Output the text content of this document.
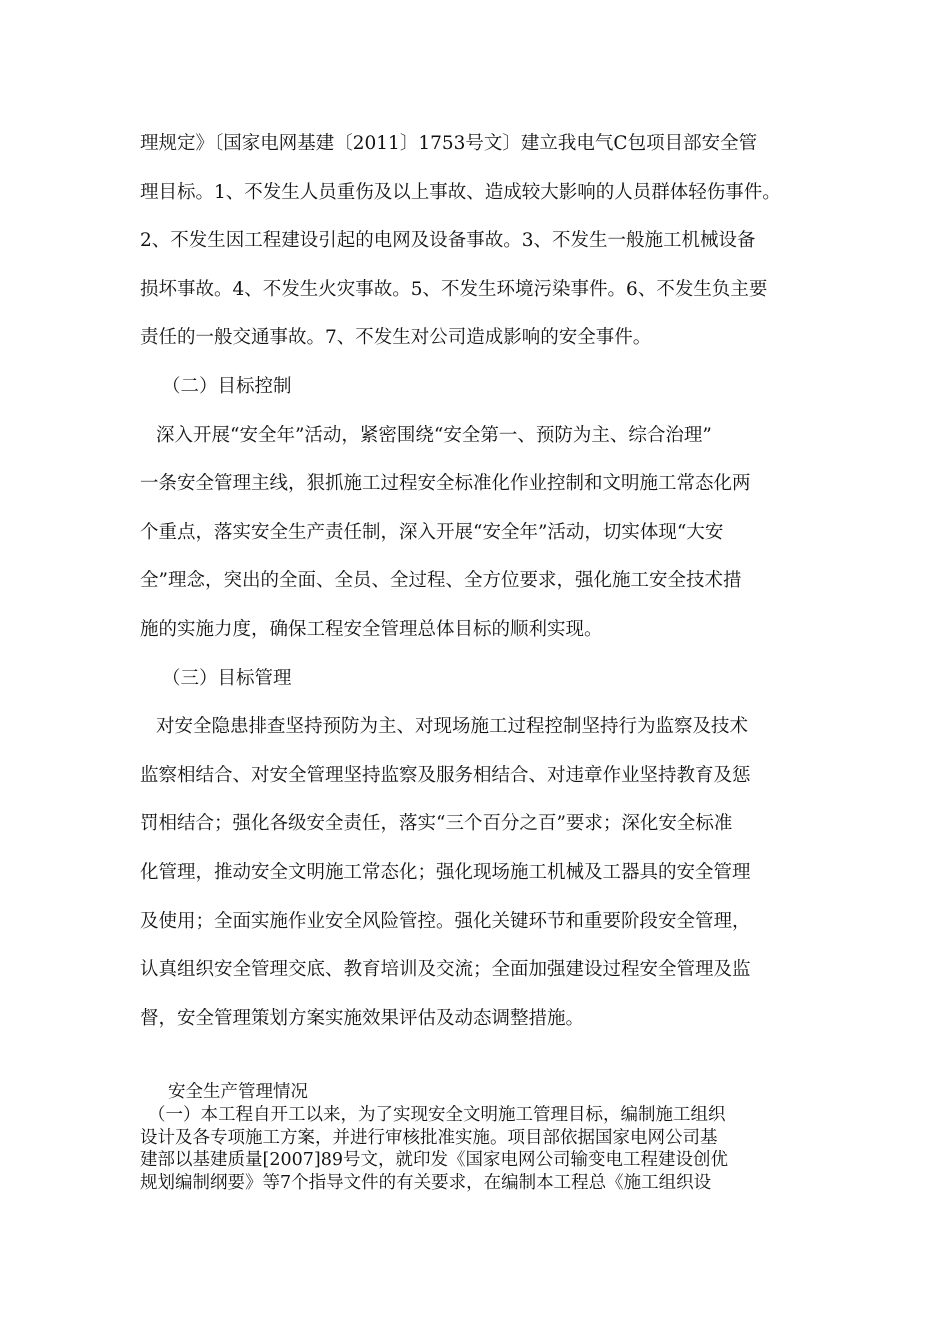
理规定》〔国家电网基建〔2011〕1753号文〕建立我电气C包项目部安全管
理目标。1、不发生人员重伤及以上事故、造成较大影响的人员群体轻伤事件。
2、不发生因工程建设引起的电网及设备事故。3、不发生一般施工机械设备
损坏事故。4、不发生火灾事故。5、不发生环境污染事件。6、不发生负主要
责任的一般交通事故。7、不发生对公司造成影响的安全事件。
（二）目标控制
深入开展“安全年”活动，紧密围绕“安全第一、预防为主、综合治理”
一条安全管理主线，狠抓施工过程安全标准化作业控制和文明施工常态化两
个重点，落实安全生产责任制，深入开展“安全年”活动，切实体现“大安
全”理念，突出的全面、全员、全过程、全方位要求，强化施工安全技术措
施的实施力度，确保工程安全管理总体目标的顺利实现。
（三）目标管理
对安全隐患排查坚持预防为主、对现场施工过程控制坚持行为监察及技术
监察相结合、对安全管理坚持监察及服务相结合、对违章作业坚持教育及惩
罚相结合；强化各级安全责任，落实“三个百分之百”要求；深化安全标准
化管理，推动安全文明施工常态化；强化现场施工机械及工器具的安全管理
及使用；全面实施作业安全风险管控。强化关键环节和重要阶段安全管理，
认真组织安全管理交底、教育培训及交流；全面加强建设过程安全管理及监
督，安全管理策划方案实施效果评估及动态调整措施。
安全生产管理情况
（一）本工程自开工以来，为了实现安全文明施工管理目标，编制施工组织
设计及各专项施工方案，并进行审核批准实施。项目部依据国家电网公司基
建部以基建质量[2007]89号文，就印发《国家电网公司输变电工程建设创优
规划编制纲要》等7个指导文件的有关要求，在编制本工程总《施工组织设
